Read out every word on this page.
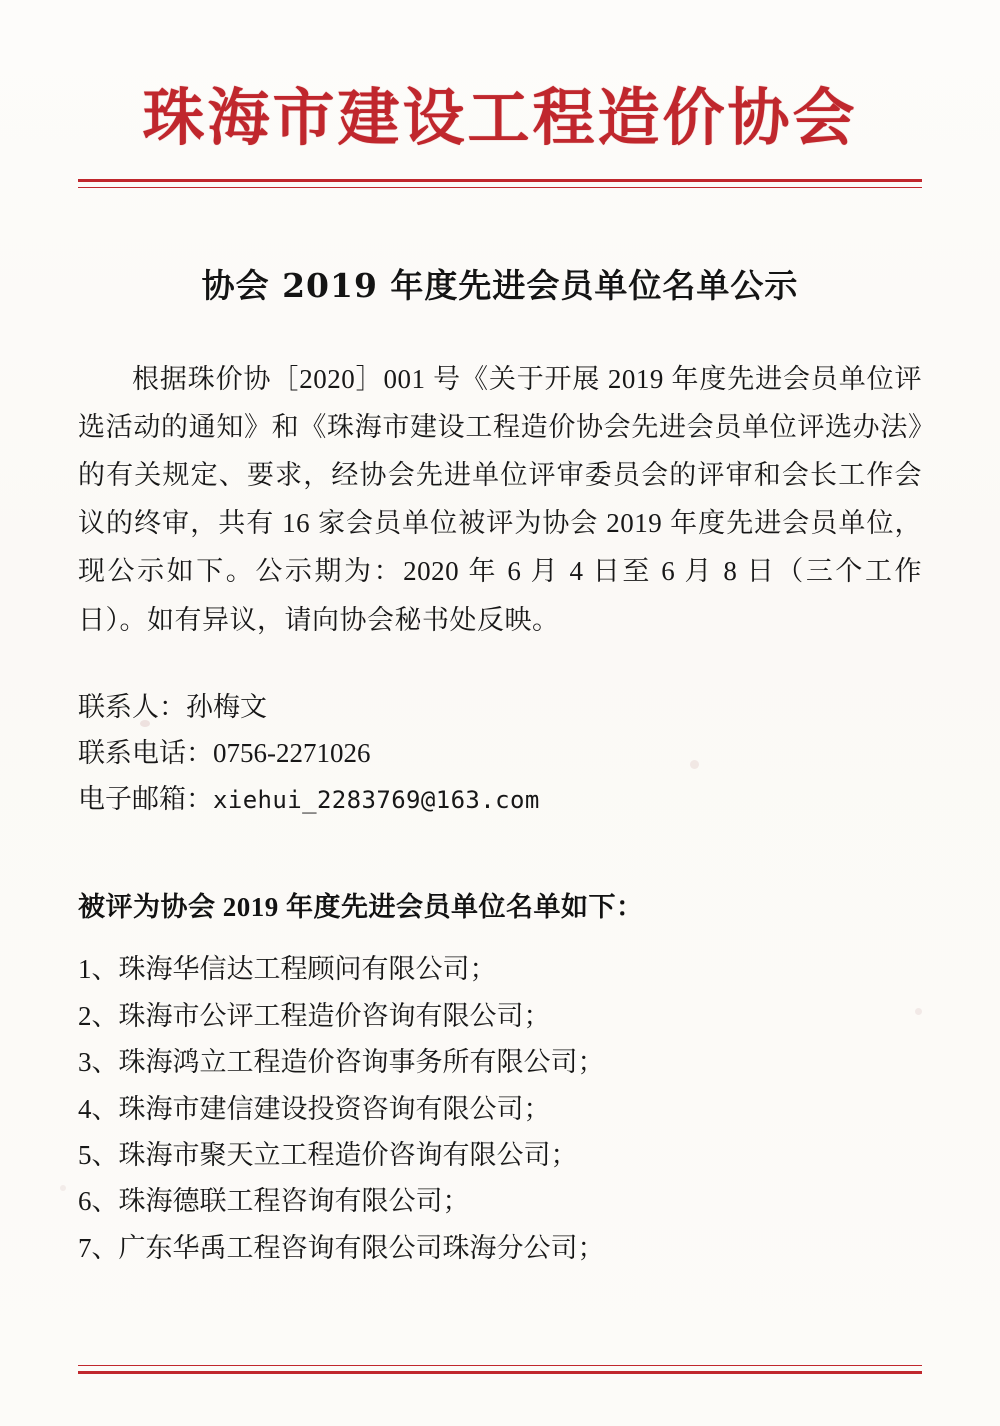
珠海市建设工程造价协会
协会 2019 年度先进会员单位名单公示

根据珠价协［2020］001 号《关于开展 2019 年度先进会员单位评选活动的通知》和《珠海市建设工程造价协会先进会员单位评选办法》的有关规定、要求，经协会先进单位评审委员会的评审和会长工作会议的终审，共有 16 家会员单位被评为协会 2019 年度先进会员单位，现公示如下。公示期为：2020 年 6 月 4 日至 6 月 8 日（三个工作日）。如有异议，请向协会秘书处反映。

联系人：孙梅文
联系电话：0756-2271026
电子邮箱：xiehui_2283769@163.com
被评为协会 2019 年度先进会员单位名单如下：
1、珠海华信达工程顾问有限公司；
2、珠海市公评工程造价咨询有限公司；
3、珠海鸿立工程造价咨询事务所有限公司；
4、珠海市建信建设投资咨询有限公司；
5、珠海市聚天立工程造价咨询有限公司；
6、珠海德联工程咨询有限公司；
7、广东华禹工程咨询有限公司珠海分公司；
